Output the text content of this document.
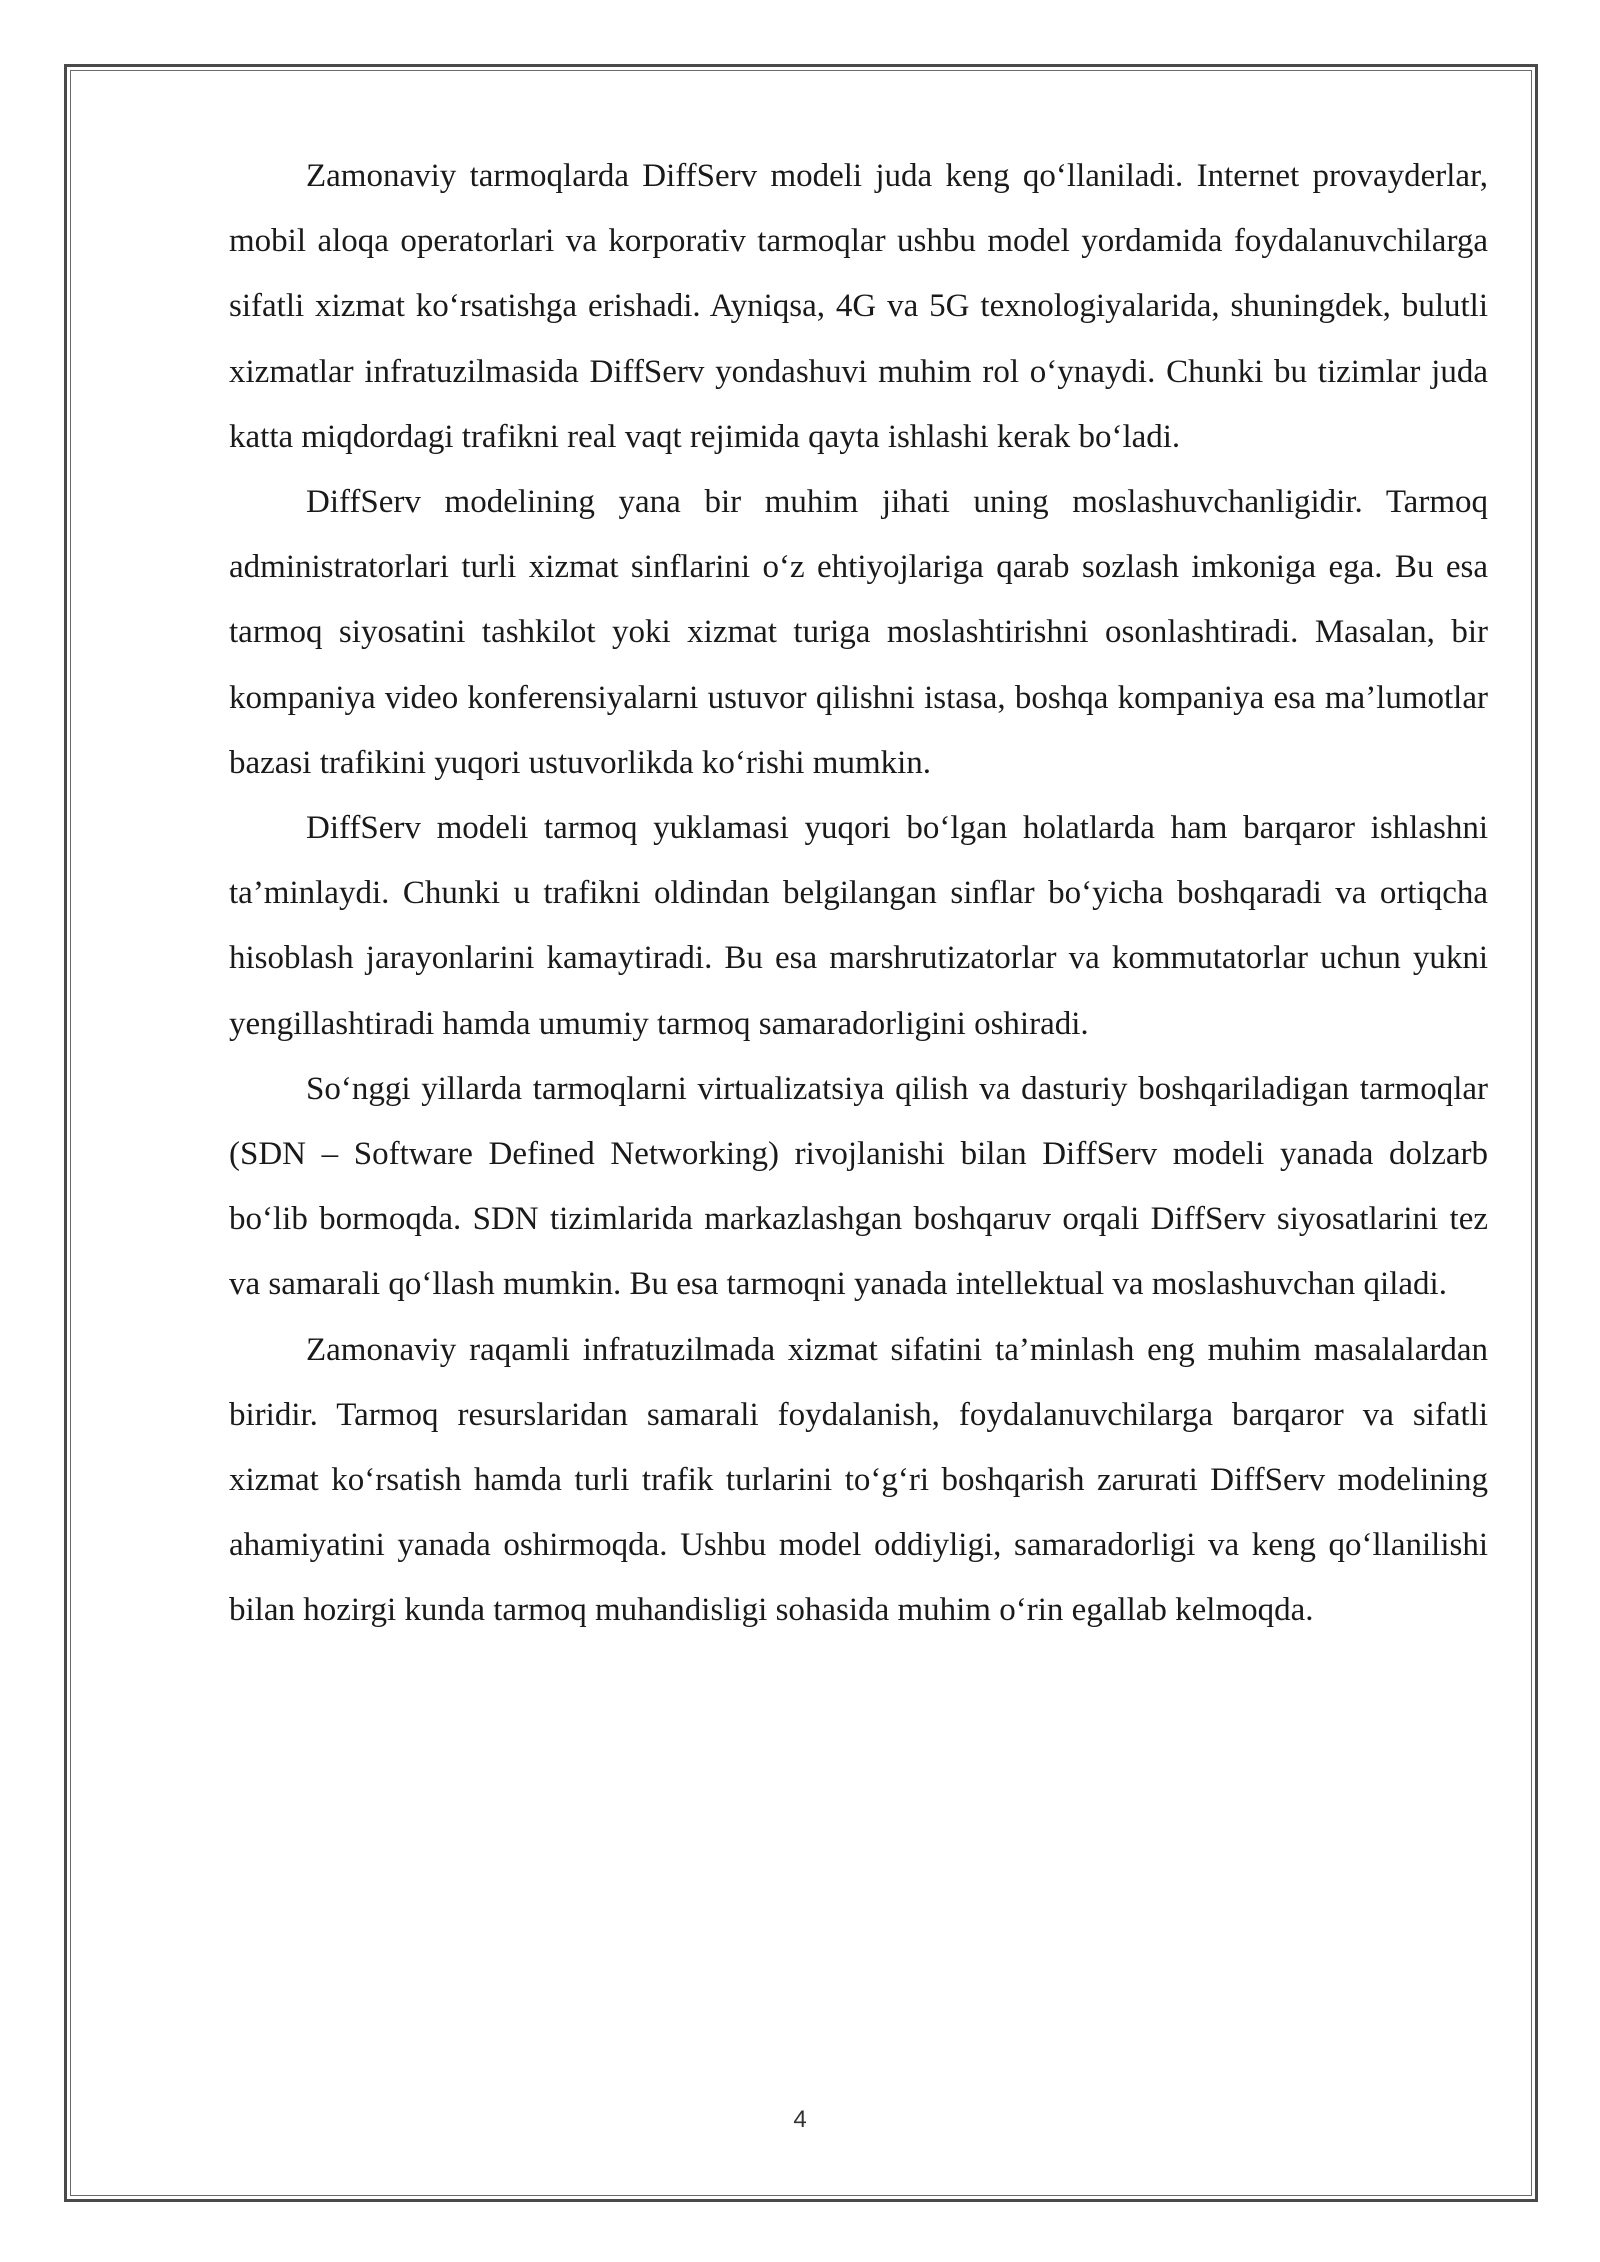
Zamonaviy tarmoqlarda DiffServ modeli juda keng qo‘llaniladi. Internet provayderlar, mobil aloqa operatorlari va korporativ tarmoqlar ushbu model yordamida foydalanuvchilarga sifatli xizmat ko‘rsatishga erishadi. Ayniqsa, 4G va 5G texnologiyalarida, shuningdek, bulutli xizmatlar infratuzilmasida DiffServ yondashuvi muhim rol o‘ynaydi. Chunki bu tizimlar juda katta miqdordagi trafikni real vaqt rejimida qayta ishlashi kerak bo‘ladi.

DiffServ modelining yana bir muhim jihati uning moslashuvchanligidir. Tarmoq administratorlari turli xizmat sinflarini o‘z ehtiyojlariga qarab sozlash imkoniga ega. Bu esa tarmoq siyosatini tashkilot yoki xizmat turiga moslashtirishni osonlashtiradi. Masalan, bir kompaniya video konferensiyalarni ustuvor qilishni istasa, boshqa kompaniya esa ma’lumotlar bazasi trafikini yuqori ustuvorlikda ko‘rishi mumkin.

DiffServ modeli tarmoq yuklamasi yuqori bo‘lgan holatlarda ham barqaror ishlashni ta’minlaydi. Chunki u trafikni oldindan belgilangan sinflar bo‘yicha boshqaradi va ortiqcha hisoblash jarayonlarini kamaytiradi. Bu esa marshrutizatorlar va kommutatorlar uchun yukni yengillashtiradi hamda umumiy tarmoq samaradorligini oshiradi.

So‘nggi yillarda tarmoqlarni virtualizatsiya qilish va dasturiy boshqariladigan tarmoqlar (SDN – Software Defined Networking) rivojlanishi bilan DiffServ modeli yanada dolzarb bo‘lib bormoqda. SDN tizimlarida markazlashgan boshqaruv orqali DiffServ siyosatlarini tez va samarali qo‘llash mumkin. Bu esa tarmoqni yanada intellektual va moslashuvchan qiladi.

Zamonaviy raqamli infratuzilmada xizmat sifatini ta’minlash eng muhim masalalardan biridir. Tarmoq resurslaridan samarali foydalanish, foydalanuvchilarga barqaror va sifatli xizmat ko‘rsatish hamda turli trafik turlarini to‘g‘ri boshqarish zarurati DiffServ modelining ahamiyatini yanada oshirmoqda. Ushbu model oddiyligi, samaradorligi va keng qo‘llanilishi bilan hozirgi kunda tarmoq muhandisligi sohasida muhim o‘rin egallab kelmoqda.

4
